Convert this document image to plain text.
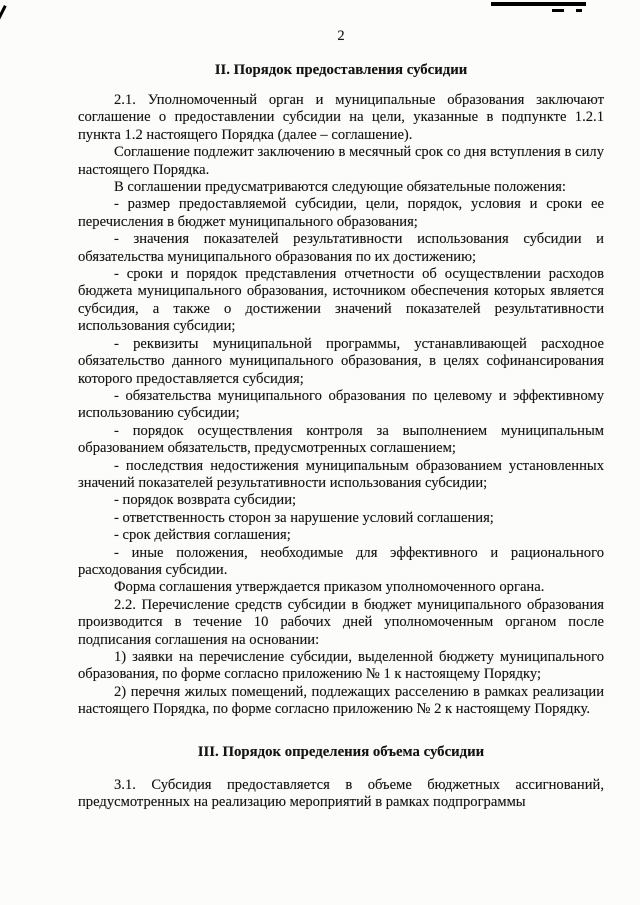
2
II. Порядок предоставления субсидии

2.1. Уполномоченный орган и муниципальные образования заключают соглашение о предоставлении субсидии на цели, указанные в подпункте 1.2.1 пункта 1.2 настоящего Порядка (далее – соглашение).

Соглашение подлежит заключению в месячный срок со дня вступления в силу настоящего Порядка.

В соглашении предусматриваются следующие обязательные положения:

- размер предоставляемой субсидии, цели, порядок, условия и сроки ее перечисления в бюджет муниципального образования;

- значения показателей результативности использования субсидии и обязательства муниципального образования по их достижению;

- сроки и порядок представления отчетности об осуществлении расходов бюджета муниципального образования, источником обеспечения которых является субсидия, а также о достижении значений показателей результативности использования субсидии;

- реквизиты муниципальной программы, устанавливающей расходное обязательство данного муниципального образования, в целях софинансирования которого предоставляется субсидия;

- обязательства муниципального образования по целевому и эффективному использованию субсидии;

- порядок осуществления контроля за выполнением муниципальным образованием обязательств, предусмотренных соглашением;

- последствия недостижения муниципальным образованием установленных значений показателей результативности использования субсидии;

- порядок возврата субсидии;

- ответственность сторон за нарушение условий соглашения;

- срок действия соглашения;

- иные положения, необходимые для эффективного и рационального расходования субсидии.

Форма соглашения утверждается приказом уполномоченного органа.

2.2. Перечисление средств субсидии в бюджет муниципального образования производится в течение 10 рабочих дней уполномоченным органом после подписания соглашения на основании:

1) заявки на перечисление субсидии, выделенной бюджету муниципального образования, по форме согласно приложению № 1 к настоящему Порядку;

2) перечня жилых помещений, подлежащих расселению в рамках реализации настоящего Порядка, по форме согласно приложению № 2 к настоящему Порядку.

III. Порядок определения объема субсидии

3.1. Субсидия предоставляется в объеме бюджетных ассигнований, предусмотренных на реализацию мероприятий в рамках подпрограммы
